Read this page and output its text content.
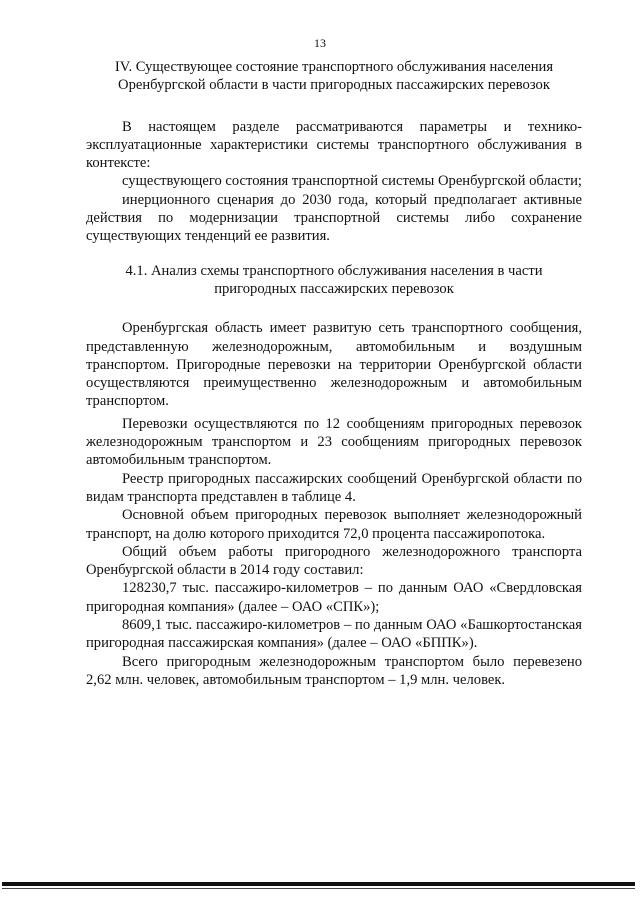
13

IV. Существующее состояние транспортного обслуживания населения Оренбургской области в части пригородных пассажирских перевозок

В настоящем разделе рассматриваются параметры и технико-эксплуатационные характеристики системы транспортного обслуживания в контексте:

существующего состояния транспортной системы Оренбургской области;

инерционного сценария до 2030 года, который предполагает активные действия по модернизации транспортной системы либо сохранение существующих тенденций ее развития.

4.1. Анализ схемы транспортного обслуживания населения в части пригородных пассажирских перевозок

Оренбургская область имеет развитую сеть транспортного сообщения, представленную железнодорожным, автомобильным и воздушным транспортом. Пригородные перевозки на территории Оренбургской области осуществляются преимущественно железнодорожным и автомобильным транспортом.

Перевозки осуществляются по 12 сообщениям пригородных перевозок железнодорожным транспортом и 23 сообщениям пригородных перевозок автомобильным транспортом.

Реестр пригородных пассажирских сообщений Оренбургской области по видам транспорта представлен в таблице 4.

Основной объем пригородных перевозок выполняет железнодорожный транспорт, на долю которого приходится 72,0 процента пассажиропотока.

Общий объем работы пригородного железнодорожного транспорта Оренбургской области в 2014 году составил:

128230,7 тыс. пассажиро-километров – по данным ОАО «Свердловская пригородная компания» (далее – ОАО «СПК»);

8609,1 тыс. пассажиро-километров – по данным ОАО «Башкортостанская пригородная пассажирская компания» (далее – ОАО «БППК»).

Всего пригородным железнодорожным транспортом было перевезено 2,62 млн. человек, автомобильным транспортом – 1,9 млн. человек.
